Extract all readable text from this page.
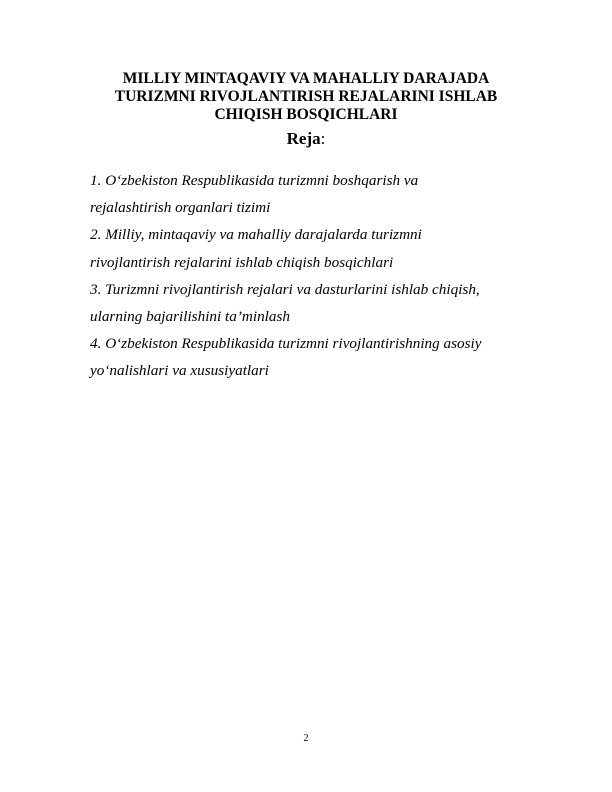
MILLIY MINTAQAVIY VA MAHALLIY DARAJADA
TURIZMNI RIVOJLANTIRISH REJALARINI ISHLAB
CHIQISH BOSQICHLARI
Reja:
1. O‘zbekiston Respublikasida turizmni boshqarish va
rejalashtirish organlari tizimi
2. Milliy, mintaqaviy va mahalliy darajalarda turizmni
rivojlantirish rejalarini ishlab chiqish bosqichlari
3. Turizmni rivojlantirish rejalari va dasturlarini ishlab chiqish,
ularning bajarilishini ta’minlash
4. O‘zbekiston Respublikasida turizmni rivojlantirishning asosiy
yo‘nalishlari va xususiyatlari
2
